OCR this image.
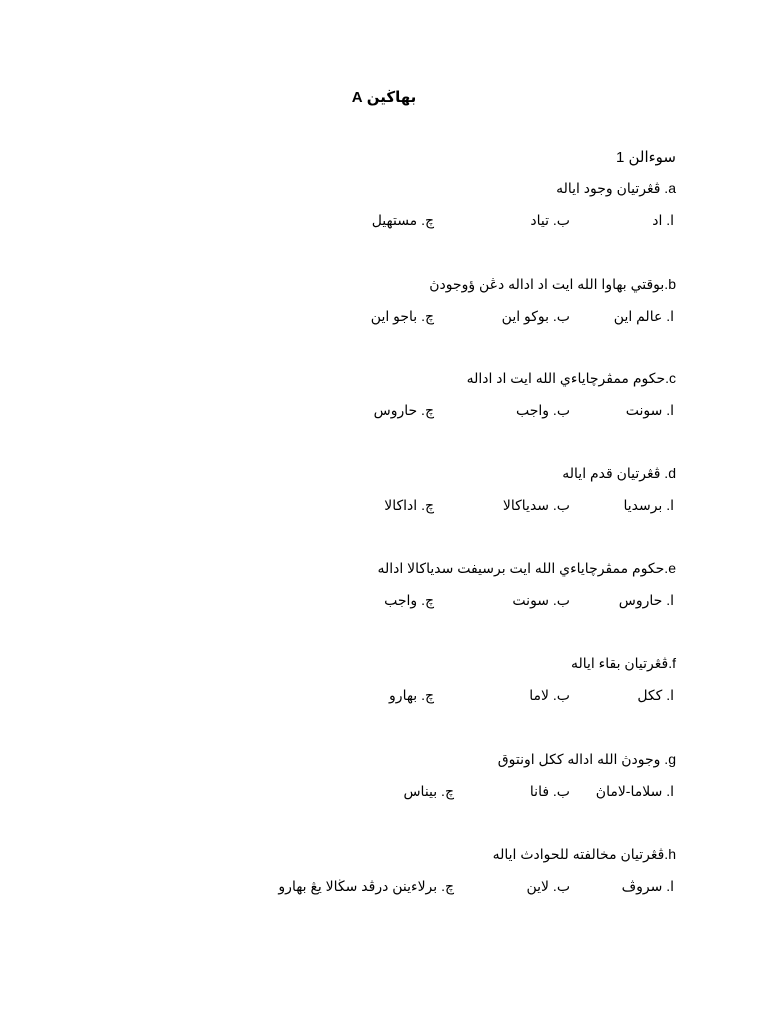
بهاڬين A
سوءالن 1
a. ڤڠرتيان وجود اياله
ا. اد
ب. تياد
چ. مستهيل
b.بوقتي بهاوا الله ايت اد اداله دڠن ؤوجودڽ
ا. عالم اين
ب. بوكو اين
چ. باجو اين
c.حكوم ممڤرچاياءي الله ايت اد اداله
ا. سونت
ب. واجب
چ. حاروس
d. ڤڠرتيان قدم ايال‍ه
ا. برسديا
ب. سدياكالا
چ. اداكالا
e.حكوم ممڤرچاياءي الله ايت برسيفت سدياكالا اداله
ا. حاروس
ب. سونت
چ. واجب
f.ڤڠرتيان بقاء ايال‍ه
ا. ككل
ب. لاما
چ. بهارو
g. وجودڽ الله اداله ككل اونتوق
ا. سلاما-لاماڽ
ب. فانا
چ. بيناس
h.ڤڠرتيان مخالفته للحوادث ايال‍ه
ا. سروڤ
ب. لاين
چ. برلاءينن درڤد سڬالا يڠ بهارو
